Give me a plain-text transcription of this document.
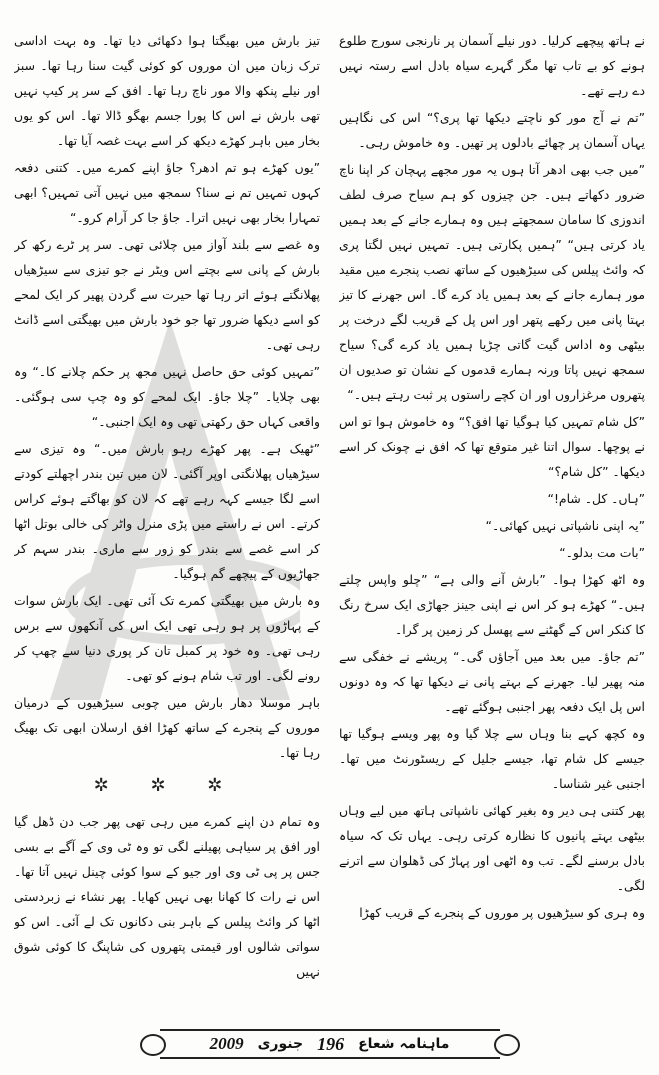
نے ہاتھ پیچھے کرلیا۔ دور نیلے آسمان پر نارنجی سورج طلوع ہونے کو بے تاب تھا مگر گہرے سیاہ بادل اسے رستہ نہیں دے رہے تھے۔

”تم نے آج مور کو ناچتے دیکھا تھا پری؟“ اس کی نگاہیں یہاں آسمان پر چھائے بادلوں پر تھیں۔ وہ خاموش رہی۔

”میں جب بھی ادھر آتا ہوں یہ مور مجھے پہچان کر اپنا ناچ ضرور دکھاتے ہیں۔ جن چیزوں کو ہم سیاح صرف لطف اندوزی کا سامان سمجھتے ہیں وہ ہمارے جانے کے بعد ہمیں یاد کرتی ہیں“ ”ہمیں پکارتی ہیں۔ تمہیں نہیں لگتا پری کہ وائٹ پیلس کی سیڑھیوں کے ساتھ نصب پنجرے میں مقید مور ہمارے جانے کے بعد ہمیں یاد کرے گا۔ اس جھرنے کا تیز بہتا پانی میں رکھے پتھر اور اس پل کے قریب لگے درخت پر بیٹھی وہ اداس گیت گاتی چڑیا ہمیں یاد کرے گی؟ سیاح سمجھ نہیں پاتا ورنہ ہمارے قدموں کے نشان تو صدیوں ان پتھروں مرغزاروں اور ان کچے راستوں پر ثبت رہتے ہیں۔“

”کل شام تمہیں کیا ہوگیا تھا افق؟“ وہ خاموش ہوا تو اس نے پوچھا۔ سوال اتنا غیر متوقع تھا کہ افق نے چونک کر اسے دیکھا۔ ”کل شام؟“

”ہاں۔ کل۔ شام!“

”یہ اپنی ناشپاتی نہیں کھائی۔“

”بات مت بدلو۔“

وہ اٹھ کھڑا ہوا۔ ”بارش آنے والی ہے“ ”چلو واپس چلتے ہیں۔“ کھڑے ہو کر اس نے اپنی جینز جھاڑی ایک سرخ رنگ کا کنکر اس کے گھٹنے سے پھسل کر زمین پر گرا۔

”تم جاؤ۔ میں بعد میں آجاؤں گی۔“ پریشے نے خفگی سے منہ پھیر لیا۔ جھرنے کے بہتے پانی نے دیکھا تھا کہ وہ دونوں اس پل ایک دفعہ پھر اجنبی ہوگئے تھے۔

وہ کچھ کہے بنا وہاں سے چلا گیا وہ پھر ویسے ہوگیا تھا جیسے کل شام تھا، جیسے جلیل کے ریسٹورنٹ میں تھا۔ اجنبی غیر شناسا۔

پھر کتنی ہی دیر وہ بغیر کھائی ناشپاتی ہاتھ میں لیے وہاں بیٹھی بہتے پانیوں کا نظارہ کرتی رہی۔ یہاں تک کہ سیاہ بادل برسنے لگے۔ تب وہ اٹھی اور پہاڑ کی ڈھلوان سے اترنے لگی۔

وہ ہری کو سیڑھیوں پر موروں کے پنجرے کے قریب کھڑا

تیز بارش میں بھیگتا ہوا دکھائی دیا تھا۔ وہ بہت اداسی ترک زبان میں ان موروں کو کوئی گیت سنا رہا تھا۔ سبز اور نیلے پنکھ والا مور ناچ رہا تھا۔ افق کے سر پر کیپ نہیں تھی بارش نے اس کا پورا جسم بھگو ڈالا تھا۔ اس کو یوں بخار میں باہر کھڑے دیکھ کر اسے بہت غصہ آیا تھا۔

”یوں کھڑے ہو تم ادھر؟ جاؤ اپنے کمرے میں۔ کتنی دفعہ کہوں تمہیں تم نے سنا؟ سمجھ میں نہیں آتی تمہیں؟ ابھی تمہارا بخار بھی نہیں اترا۔ جاؤ جا کر آرام کرو۔“

وہ غصے سے بلند آواز میں چلائی تھی۔ سر پر ٹرے رکھ کر بارش کے پانی سے بچتے اس ویٹر نے جو تیزی سے سیڑھیاں پھلانگتے ہوئے اتر رہا تھا حیرت سے گردن پھیر کر ایک لمحے کو اسے دیکھا ضرور تھا جو خود بارش میں بھیگتی اسے ڈانٹ رہی تھی۔

”تمہیں کوئی حق حاصل نہیں مجھ پر حکم چلانے کا۔“ وہ بھی چلایا۔ ”چلا جاؤ۔ ایک لمحے کو وہ چپ سی ہوگئی۔ واقعی کہاں حق رکھتی تھی وہ ایک اجنبی۔“

”ٹھیک ہے۔ پھر کھڑے رہو بارش میں۔“ وہ تیزی سے سیڑھیاں پھلانگتی اوپر آگئی۔ لان میں تین بندر اچھلتے کودتے اسے لگا جیسے کہہ رہے تھے کہ لان کو بھاگتے ہوئے کراس کرتے۔ اس نے راستے میں پڑی منرل واٹر کی خالی بوتل اٹھا کر اسے غصے سے بندر کو زور سے ماری۔ بندر سہم کر جھاڑیوں کے پیچھے گم ہوگیا۔

وہ بارش میں بھیگتی کمرے تک آئی تھی۔ ایک بارش سوات کے پہاڑوں پر ہو رہی تھی ایک اس کی آنکھوں سے برس رہی تھی۔ وہ خود پر کمبل تان کر پوری دنیا سے چھپ کر رونے لگی۔ اور تب شام ہونے کو تھی۔

باہر موسلا دھار بارش میں چوبی سیڑھیوں کے درمیان موروں کے پنجرے کے ساتھ کھڑا افق ارسلان ابھی تک بھیگ رہا تھا۔

✲ ✲ ✲

وہ تمام دن اپنے کمرے میں رہی تھی پھر جب دن ڈھل گیا اور افق پر سیاہی پھیلنے لگی تو وہ ٹی وی کے آگے بے بسی جس پر پی ٹی وی اور جیو کے سوا کوئی چینل نہیں آتا تھا۔ اس نے رات کا کھانا بھی نہیں کھایا۔ پھر نشاء نے زبردستی اٹھا کر وائٹ پیلس کے باہر بنی دکانوں تک لے آئی۔ اس کو سواتی شالوں اور قیمتی پتھروں کی شاپنگ کا کوئی شوق نہیں

ماہنامہ شعاع
196
جنوری
2009
